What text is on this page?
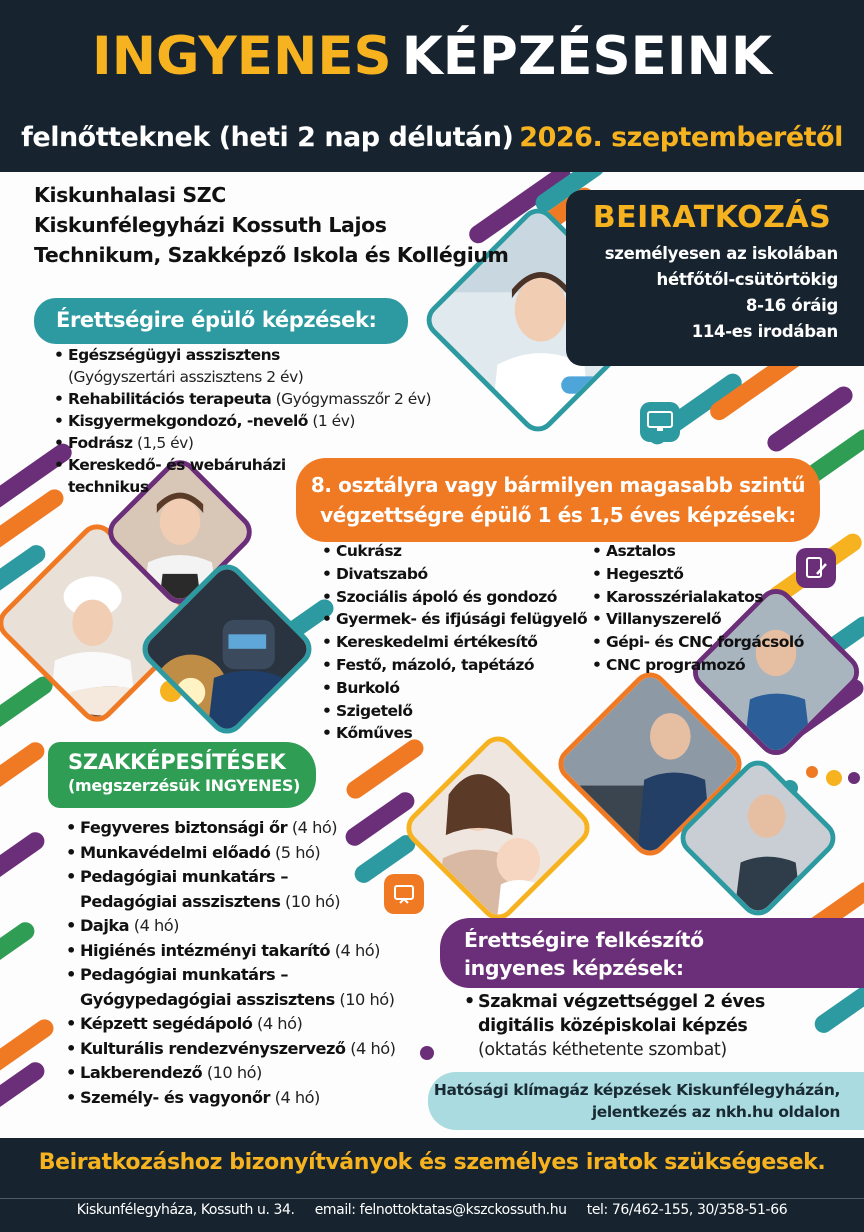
INGYENES KÉPZÉSEINK
felnőtteknek (heti 2 nap délután) 2026. szeptemberétől
Kiskunhalasi SZC
Kiskunfélegyházi Kossuth Lajos
Technikum, Szakképző Iskola és Kollégium
BEIRATKOZÁS
személyesen az iskolában
hétfőtől-csütörtökig
8-16 óráig
114-es irodában
Érettségire épülő képzések:
• Egészségügyi asszisztens
(Gyógyszertári asszisztens 2 év)
• Rehabilitációs terapeuta (Gyógymasszőr 2 év)
• Kisgyermekgondozó, -nevelő (1 év)
• Fodrász (1,5 év)
• Kereskedő- és webáruházi
technikus	8. osztályra vagy bármilyen magasabb szintű
végzettségre épülő 1 és 1,5 éves képzések:
• Cukrász
• Divatszabó
• Szociális ápoló és gondozó
• Gyermek- és ifjúsági felügyelő
• Kereskedelmi értékesítő
• Festő, mázoló, tapétázó
• Burkoló
• Szigetelő
• Kőműves
• Asztalos
• Hegesztő
• Karosszérialakatos
• Villanyszerelő
• Gépi- és CNC forgácsoló
• CNC programozó
SZAKKÉPESÍTÉSEK
(megszerzésük INGYENES)
• Fegyveres biztonsági őr (4 hó)
• Munkavédelmi előadó (5 hó)
• Pedagógiai munkatárs –
Pedagógiai asszisztens (10 hó)
• Dajka (4 hó)
• Higiénés intézményi takarító (4 hó)
• Pedagógiai munkatárs –
Gyógypedagógiai asszisztens (10 hó)
• Képzett segédápoló (4 hó)
• Kulturális rendezvényszervező (4 hó)
• Lakberendező (10 hó)
• Személy- és vagyonőr (4 hó)
Érettségire felkészítő
ingyenes képzések:
• Szakmai végzettséggel 2 éves
digitális középiskolai képzés
(oktatás kéthetente szombat)
Hatósági klímagáz képzések Kiskunfélegyházán,
jelentkezés az nkh.hu oldalon
Beiratkozáshoz bizonyítványok és személyes iratok szükségesek.
Kiskunfélegyháza, Kossuth u. 34. email: felnottoktatas@kszckossuth.hu tel: 76/462-155, 30/358-51-66
